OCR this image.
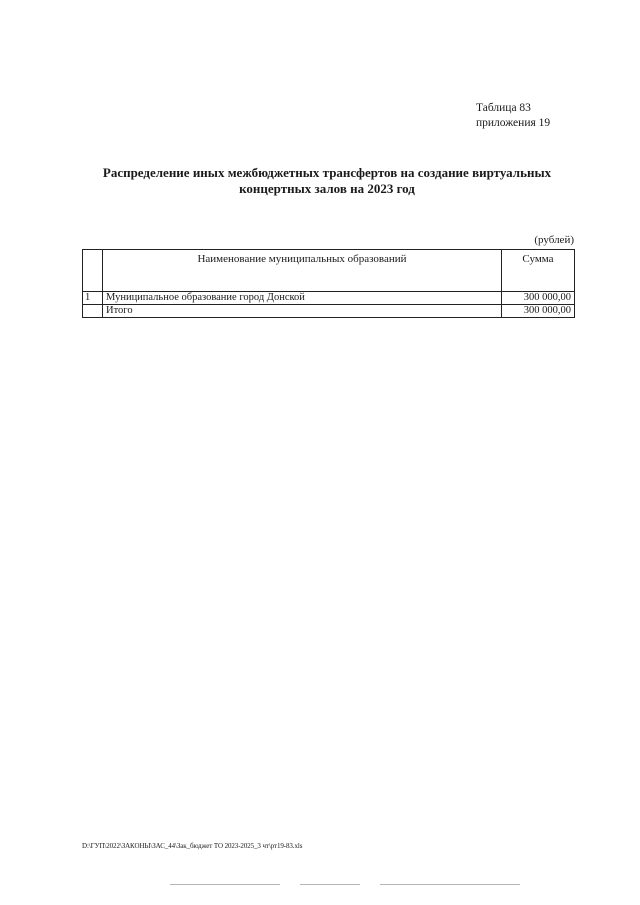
Таблица 83
приложения 19
Распределение иных межбюджетных трансфертов на создание виртуальных
концертных залов на 2023 год
(рублей)
	Наименование муниципальных образований	Сумма
1	Муниципальное образование город Донской	300 000,00
	Итого	300 000,00
D:\ГУП\2022\ЗАКОНЫ\ЗАС_44\Зак_бюджет ТО 2023-2025_3 чт\рт19-83.xls
